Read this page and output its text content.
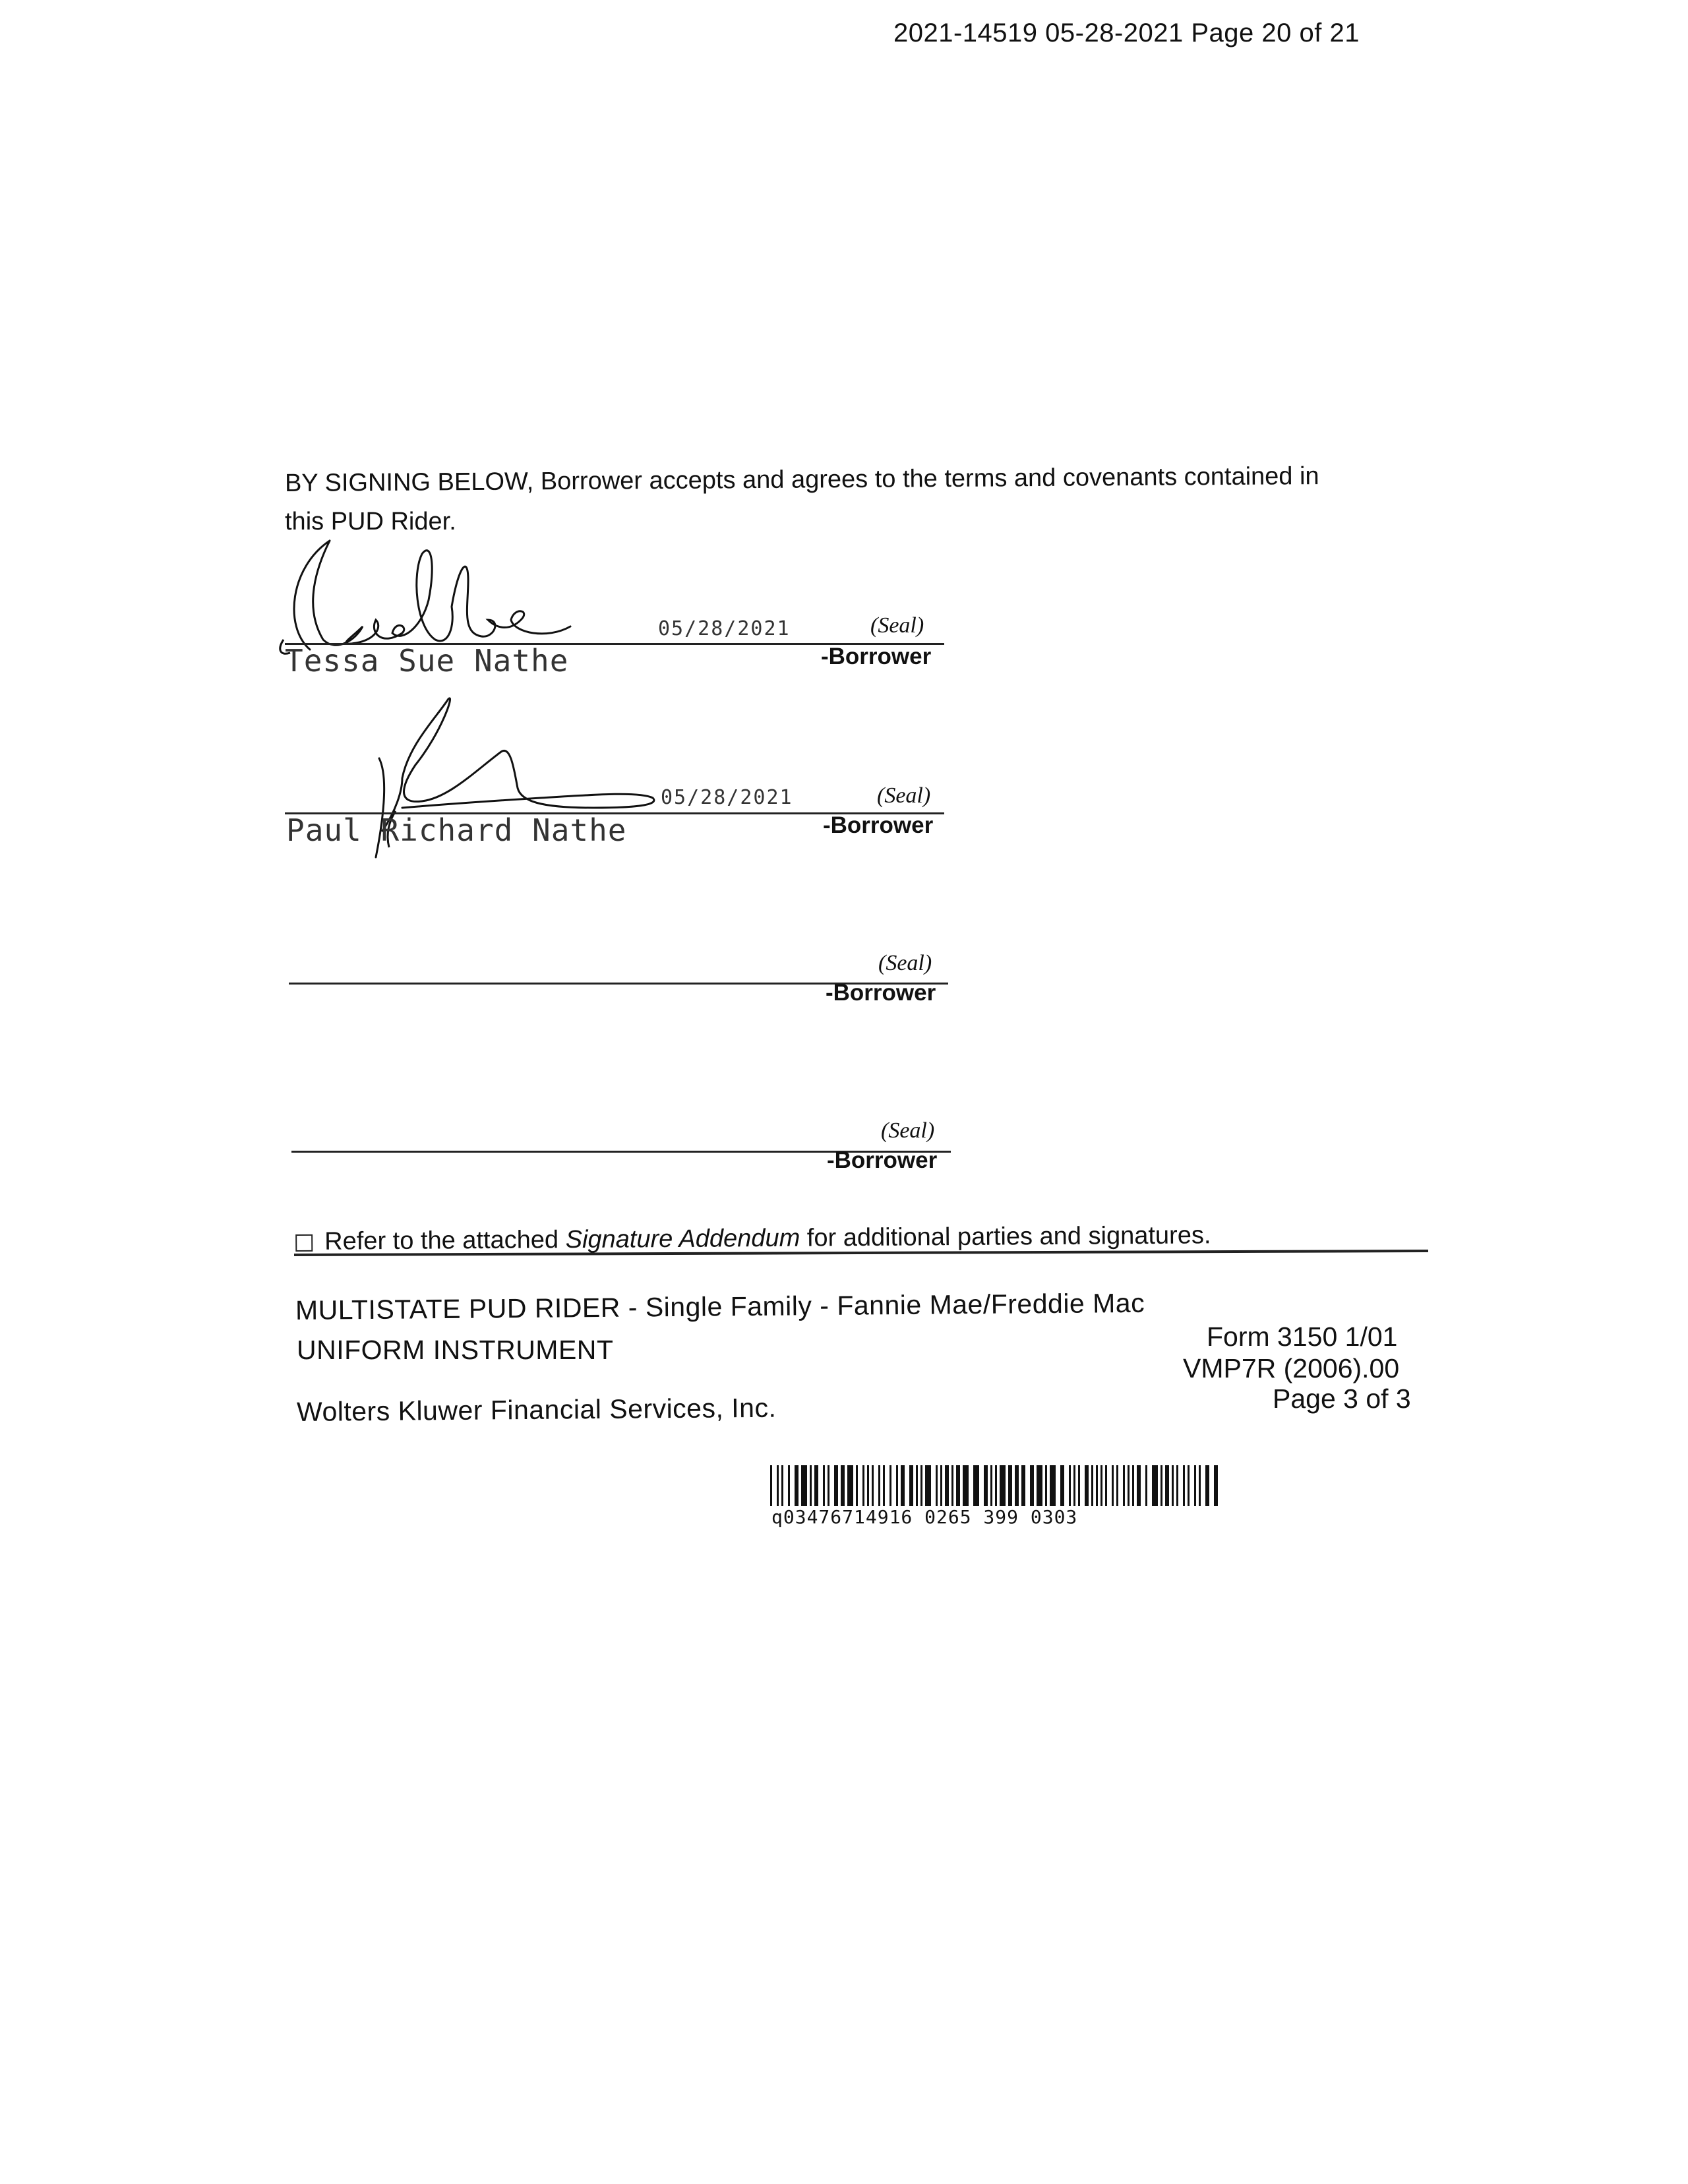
2021-14519 05-28-2021 Page 20 of 21
BY SIGNING BELOW, Borrower accepts and agrees to the terms and covenants contained in
this PUD Rider.
05/28/2021	(Seal)
Tessa Sue Nathe	-Borrower
05/28/2021	(Seal)
Paul Richard Nathe	-Borrower
(Seal)
-Borrower
(Seal)
-Borrower
Refer to the attached Signature Addendum for additional parties and signatures.
MULTISTATE PUD RIDER - Single Family - Fannie Mae/Freddie Mac
UNIFORM INSTRUMENT	Form 3150 1/01
VMP7R (2006).00
Page 3 of 3
Wolters Kluwer Financial Services, Inc.
q03476714916 0265 399 0303
